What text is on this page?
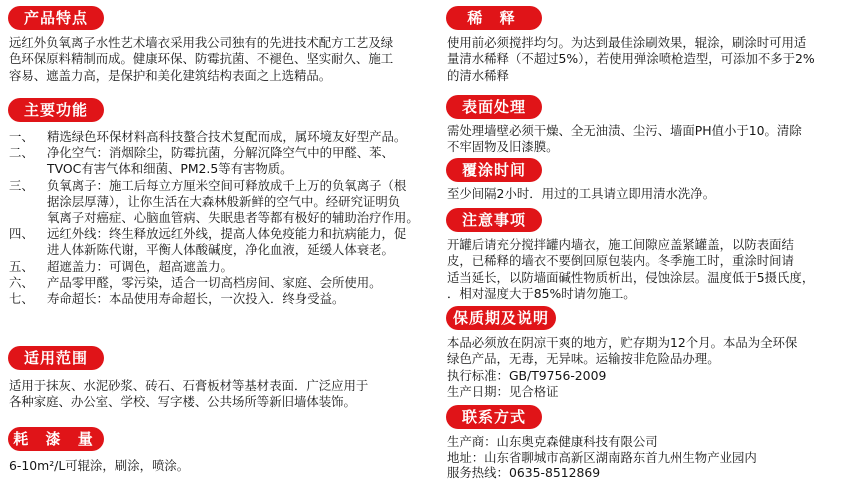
产品特点
远红外负氧离子水性艺术墙衣采用我公司独有的先进技术配方工艺及绿
色环保原料精制而成。健康环保、防霉抗菌、不褪色、坚实耐久、施工
容易、遮盖力高，是保护和美化建筑结构表面之上选精品。
主要功能
一、 精选绿色环保材料高科技螯合技术复配而成，属环境友好型产品。
二、 净化空气：消烟除尘，防霉抗菌，分解沉降空气中的甲醛、苯、
TVOC有害气体和细菌、PM2.5等有害物质。
三、 负氧离子：施工后每立方厘米空间可释放成千上万的负氧离子（根
据涂层厚薄），让你生活在大森林般新鲜的空气中。经研究证明负
氧离子对癌症、心脑血管病、失眠患者等都有极好的辅助治疗作用。
四、 远红外线：终生释放远红外线，提高人体免疫能力和抗病能力，促
进人体新陈代谢，平衡人体酸碱度，净化血液，延缓人体衰老。
五、 超遮盖力：可调色，超高遮盖力。
六、 产品零甲醛，零污染，适合一切高档房间、家庭、会所使用。
七、 寿命超长：本品使用寿命超长，一次投入．终身受益。
适用范围
适用于抹灰、水泥砂浆、砖石、石膏板材等基材表面．广泛应用于
各种家庭、办公室、学校、写字楼、公共场所等新旧墙体装饰。
耗 漆 量
6-10m²/L可辊涂，刷涂，喷涂。
稀 释
使用前必须搅拌均匀。为达到最佳涂刷效果，辊涂，刷涂时可用适
量清水稀释（不超过5%），若使用弹涂喷枪造型，可添加不多于2%
的清水稀释
表面处理
需处理墙壁必须干燥、全无油渍、尘污、墙面PH值小于10。清除
不牢固物及旧漆膜。
覆涂时间
至少间隔2小时．用过的工具请立即用清水洗净。
注意事项
开罐后请充分搅拌罐内墙衣，施工间隙应盖紧罐盖，以防表面结
皮，已稀释的墙衣不要倒回原包装内。冬季施工时，重涂时间请
适当延长，以防墙面碱性物质析出，侵蚀涂层。温度低于5摄氏度，
．相对湿度大于85%时请勿施工。
保质期及说明
本品必须放在阴凉干爽的地方，贮存期为12个月。本品为全环保
绿色产品，无毒，无异味。运输按非危险品办理。
执行标准：GB/T9756-2009
生产日期：见合格证
联系方式
生产商：山东奥克森健康科技有限公司
地址：山东省聊城市高新区湖南路东首九州生物产业园内
服务热线：0635-8512869
